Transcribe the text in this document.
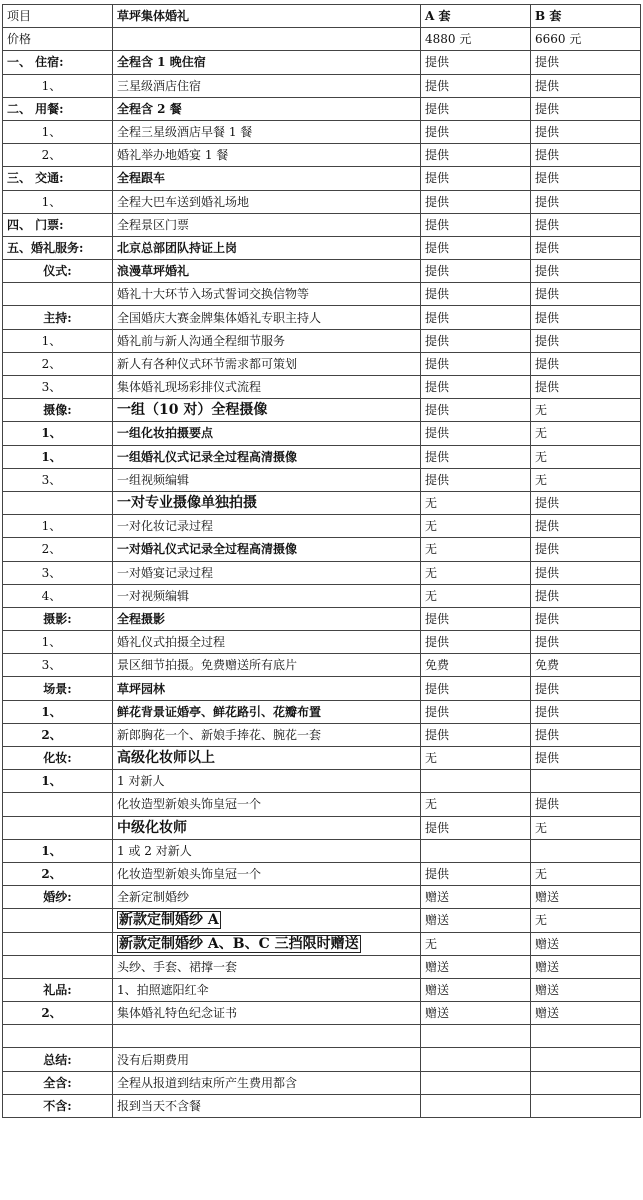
项目	草坪集体婚礼	A 套	B 套
价格		4880 元	6660 元
一、 住宿:	全程含 1 晚住宿	提供	提供
1、	三星级酒店住宿	提供	提供
二、 用餐:	全程含 2 餐	提供	提供
1、	全程三星级酒店早餐 1 餐	提供	提供
2、	婚礼举办地婚宴 1 餐	提供	提供
三、 交通:	全程跟车	提供	提供
1、	全程大巴车送到婚礼场地	提供	提供
四、 门票:	全程景区门票	提供	提供
五、婚礼服务:	北京总部团队持证上岗	提供	提供
仪式:	浪漫草坪婚礼	提供	提供
	婚礼十大环节入场式誓词交换信物等	提供	提供
主持:	全国婚庆大赛金牌集体婚礼专职主持人	提供	提供
1、	婚礼前与新人沟通全程细节服务	提供	提供
2、	新人有各种仪式环节需求都可策划	提供	提供
3、	集体婚礼现场彩排仪式流程	提供	提供
摄像:	一组（10 对）全程摄像	提供	无
1、	一组化妆拍摄要点	提供	无
1、	一组婚礼仪式记录全过程高清摄像	提供	无
3、	一组视频编辑	提供	无
	一对专业摄像单独拍摄	无	提供
1、	一对化妆记录过程	无	提供
2、	一对婚礼仪式记录全过程高清摄像	无	提供
3、	一对婚宴记录过程	无	提供
4、	一对视频编辑	无	提供
摄影:	全程摄影	提供	提供
1、	婚礼仪式拍摄全过程	提供	提供
3、	景区细节拍摄。免费赠送所有底片	免费	免费
场景:	草坪园林	提供	提供
1、	鲜花背景证婚亭、鲜花路引、花瓣布置	提供	提供
2、	新郎胸花一个、新娘手捧花、腕花一套	提供	提供
化妆:	高级化妆师以上	无	提供
1、	1 对新人		
	化妆造型新娘头饰皇冠一个	无	提供
	中级化妆师	提供	无
1、	1 或 2 对新人		
2、	化妆造型新娘头饰皇冠一个	提供	无
婚纱:	全新定制婚纱	赠送	赠送
	新款定制婚纱 A	赠送	无
	新款定制婚纱 A、B、C 三挡限时赠送	无	赠送
	头纱、手套、裙撑一套	赠送	赠送
礼品:	1、拍照遮阳红伞	赠送	赠送
2、	集体婚礼特色纪念证书	赠送	赠送

总结:	没有后期费用		
全含:	全程从报道到结束所产生费用都含		
不含:	报到当天不含餐		
